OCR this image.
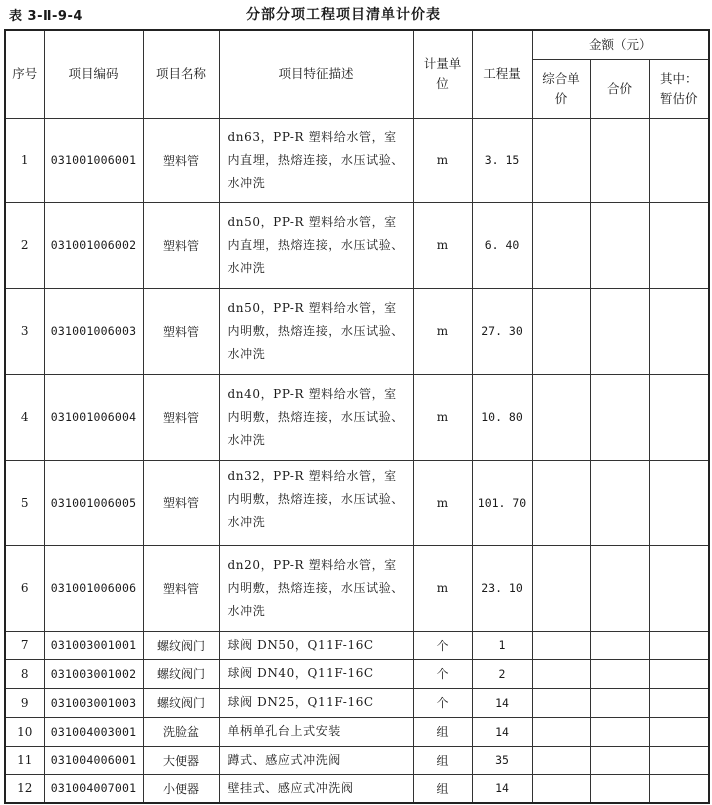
表 3-Ⅱ-9-4	分部分项工程项目清单计价表
序号	项目编码	项目名称	项目特征描述	计量单位	工程量	金额（元）		
						综合单价	合价	其中：暂估价
1	031001006001	塑料管	dn63，PP-R 塑料给水管，室内直埋，热熔连接，水压试验、水冲洗	m	3. 15			
2	031001006002	塑料管	dn50，PP-R 塑料给水管，室内直埋，热熔连接，水压试验、水冲洗	m	6. 40			
3	031001006003	塑料管	dn50，PP-R 塑料给水管，室内明敷，热熔连接，水压试验、水冲洗	m	27. 30			
4	031001006004	塑料管	dn40，PP-R 塑料给水管，室内明敷，热熔连接，水压试验、水冲洗	m	10. 80			
5	031001006005	塑料管	dn32，PP-R 塑料给水管，室内明敷，热熔连接，水压试验、水冲洗	m	101. 70			
6	031001006006	塑料管	dn20，PP-R 塑料给水管，室内明敷，热熔连接，水压试验、水冲洗	m	23. 10			
7	031003001001	螺纹阀门	球阀 DN50，Q11F-16C	个	1			
8	031003001002	螺纹阀门	球阀 DN40，Q11F-16C	个	2			
9	031003001003	螺纹阀门	球阀 DN25，Q11F-16C	个	14			
10	031004003001	洗脸盆	单柄单孔台上式安装	组	14			
11	031004006001	大便器	蹲式、感应式冲洗阀	组	35			
12	031004007001	小便器	壁挂式、感应式冲洗阀	组	14			
